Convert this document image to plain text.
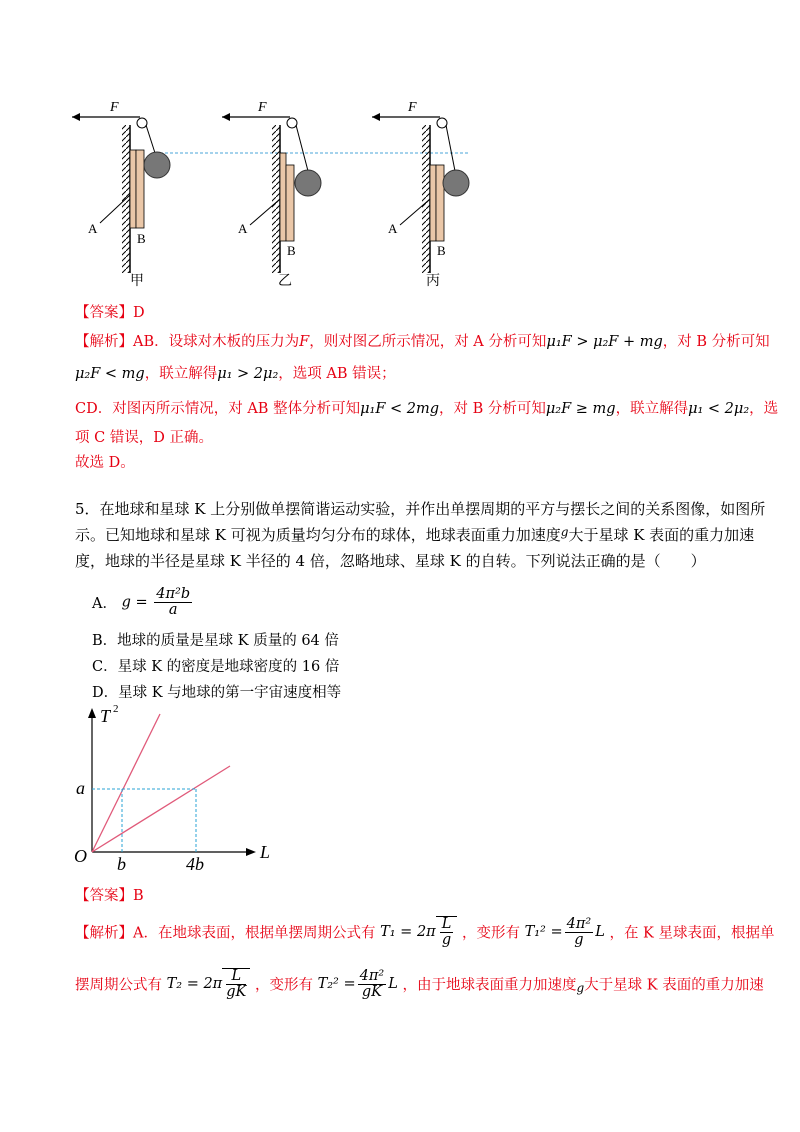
F	F	F
A
B
A
B
A
B
甲	乙	丙
【答案】D
【解析】AB．设球对木板的压力为F，则对图乙所示情况，对 A 分析可知μ₁F > μ₂F + mg，对 B 分析可知
μ₂F < mg，联立解得μ₁ > 2μ₂，选项 AB 错误；
CD．对图丙所示情况，对 AB 整体分析可知μ₁F < 2mg，对 B 分析可知μ₂F ≥ mg，联立解得μ₁ < 2μ₂，选
项 C 错误，D 正确。
故选 D。
5．在地球和星球 K 上分别做单摆简谐运动实验，并作出单摆周期的平方与摆长之间的关系图像，如图所
示。已知地球和星球 K 可视为质量均匀分布的球体，地球表面重力加速度$^g$大于星球 K 表面的重力加速
度，地球的半径是星球 K 半径的 4 倍，忽略地球、星球 K 的自转。下列说法正确的是（　　）
A． $g = \frac{\text{4π²b}}{a}$
B．地球的质量是星球 K 质量的 64 倍
C．星球 K 的密度是地球密度的 16 倍
D．星球 K 与地球的第一宇宙速度相等
T 2
L
O
a
b	4b
【答案】B
【解析】A．在地球表面，根据单摆周期公式有 $T_1 = 2\pi \frac{L}{g}$ ，变形有 $T_1^2 = \frac{\text{4π²}}{g}$ L ，在 K 星球表面，根据单
摆周期公式有 $T_2 = 2\pi \frac{L}{gK}$ ，变形有 $T_2^2 = \frac{\text{4π²}}{gK}$ L ，由于地球表面重力加速度$_g$大于星球 K 表面的重力加速
